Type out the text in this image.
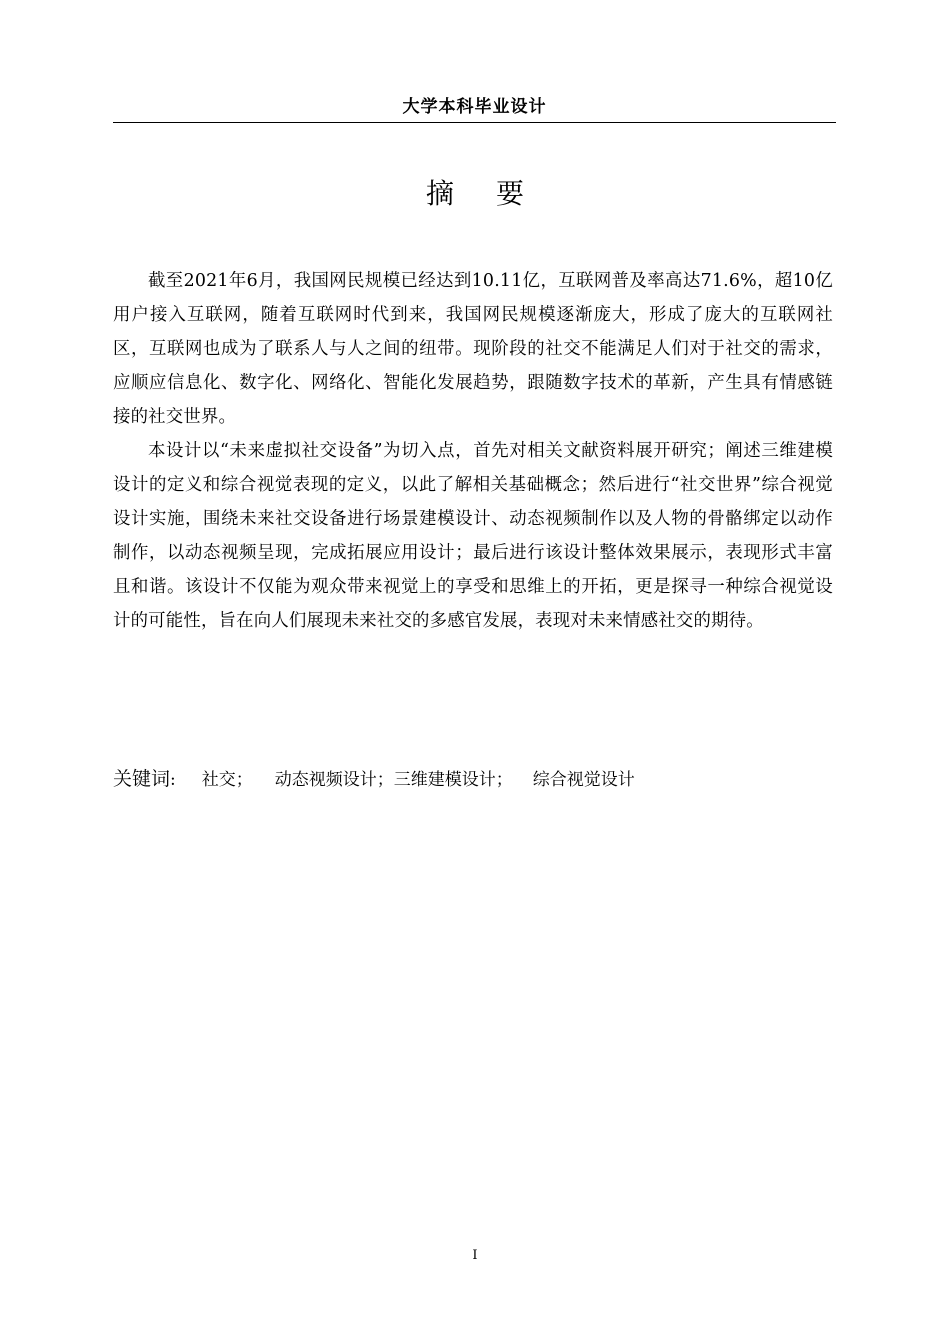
大学本科毕业设计
摘 要

截至2021年6月，我国网民规模已经达到10.11亿，互联网普及率高达71.6%，超10亿用户接入互联网，随着互联网时代到来，我国网民规模逐渐庞大，形成了庞大的互联网社区，互联网也成为了联系人与人之间的纽带。现阶段的社交不能满足人们对于社交的需求，应顺应信息化、数字化、网络化、智能化发展趋势，跟随数字技术的革新，产生具有情感链接的社交世界。

本设计以“未来虚拟社交设备”为切入点，首先对相关文献资料展开研究；阐述三维建模设计的定义和综合视觉表现的定义，以此了解相关基础概念；然后进行“社交世界”综合视觉设计实施，围绕未来社交设备进行场景建模设计、动态视频制作以及人物的骨骼绑定以动作制作，以动态视频呈现，完成拓展应用设计；最后进行该设计整体效果展示，表现形式丰富且和谐。该设计不仅能为观众带来视觉上的享受和思维上的开拓，更是探寻一种综合视觉设计的可能性，旨在向人们展现未来社交的多感官发展，表现对未来情感社交的期待。

关键词: 社交； 动态视频设计；三维建模设计； 综合视觉设计
I
